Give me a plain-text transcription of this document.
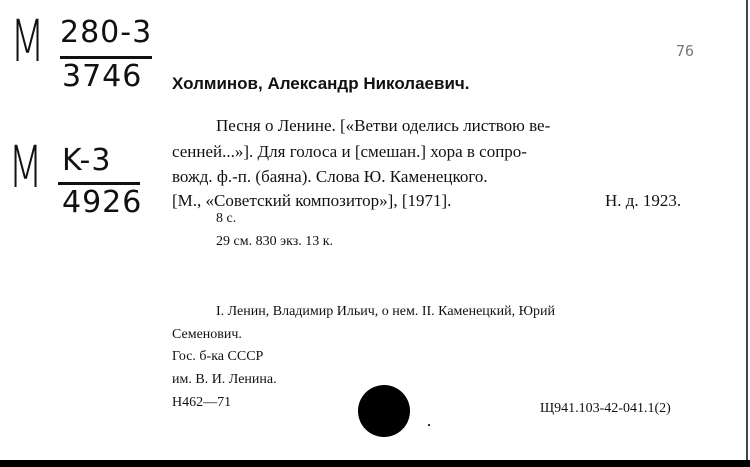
M 280-3
3746
M K-3
4926
76
Холминов, Александр Николаевич.
Песня о Ленине. [«Ветви оделись листвою ве-
сенней...»]. Для голоса и [смешан.] хора в сопро-
вожд. ф.-п. (баяна). Слова Ю. Каменецкого.
[М., «Советский композитор»], [1971].	Н. д. 1923.
8 с.
29 см. 830 экз. 13 к.
I. Ленин, Владимир Ильич, о нем. II. Каменецкий, Юрий
Семенович.
Гос. б-ка СССР
им. В. И. Ленина.
Н462—71	Щ941.103-42-041.1(2)
